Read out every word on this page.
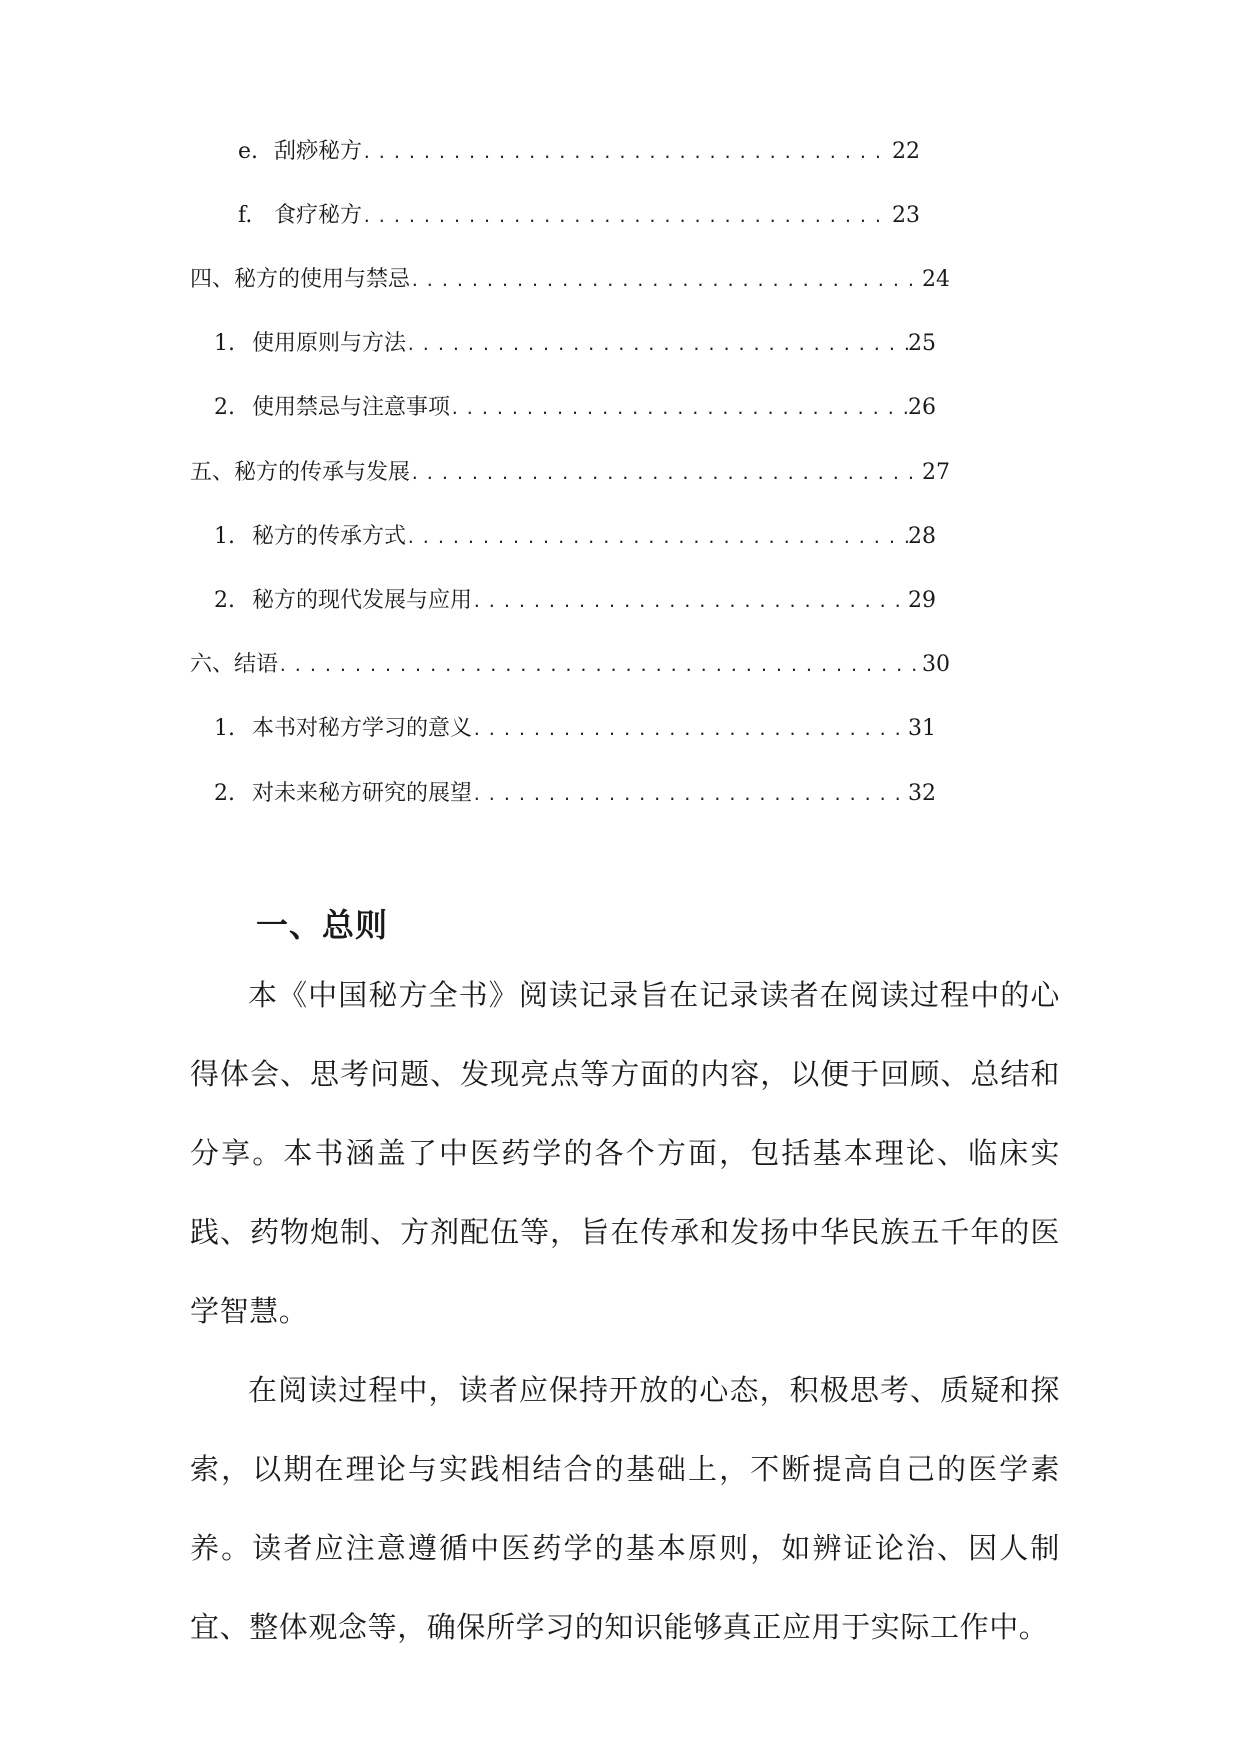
e. 刮痧秘方 .....	22
f. 食疗秘方 .....	23
四、秘方的使用与禁忌 .....	24
1. 使用原则与方法 .....	25
2. 使用禁忌与注意事项 .....	26
五、秘方的传承与发展 .....	27
1. 秘方的传承方式 .....	28
2. 秘方的现代发展与应用 .....	29
六、结语 .....	30
1. 本书对秘方学习的意义 .....	31
2. 对未来秘方研究的展望 .....	32
一、总则

本《中国秘方全书》阅读记录旨在记录读者在阅读过程中的心得体会、思考问题、发现亮点等方面的内容，以便于回顾、总结和分享。本书涵盖了中医药学的各个方面，包括基本理论、临床实践、药物炮制、方剂配伍等，旨在传承和发扬中华民族五千年的医学智慧。

在阅读过程中，读者应保持开放的心态，积极思考、质疑和探索，以期在理论与实践相结合的基础上，不断提高自己的医学素养。读者应注意遵循中医药学的基本原则，如辨证论治、因人制宜、整体观念等，确保所学习的知识能够真正应用于实际工作中。
